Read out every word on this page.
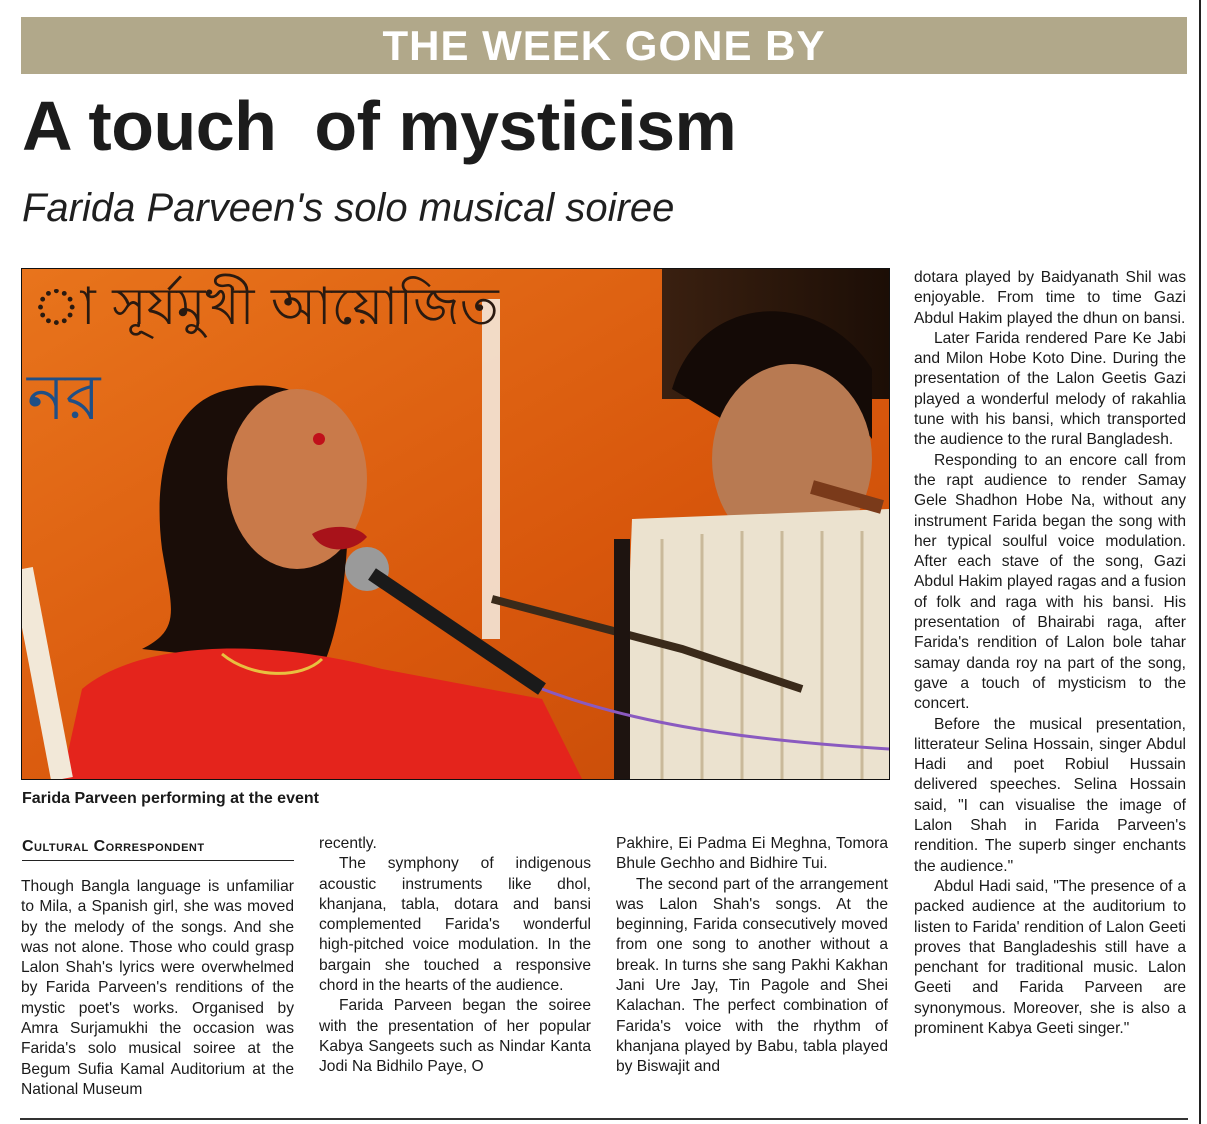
THE WEEK GONE BY
A touch  of mysticism
Farida Parveen's solo musical soiree
া সূর্যমুখী আয়োজিত
নর
Farida Parveen performing at the event
Cultural Correspondent

Though Bangla language is unfamiliar to Mila, a Spanish girl, she was moved by the melody of the songs. And she was not alone. Those who could grasp Lalon Shah's lyrics were overwhelmed by Farida Parveen's renditions of the mystic poet's works. Organised by Amra Surjamukhi the occasion was Farida's solo musical soiree at the Begum Sufia Kamal Auditorium at the National Museum

recently.

The symphony of indigenous acoustic instruments like dhol, khanjana, tabla, dotara and bansi complemented Farida's wonderful high-pitched voice modulation. In the bargain she touched a responsive chord in the hearts of the audience.

Farida Parveen began the soiree with the presentation of her popular Kabya Sangeets such as Nindar Kanta Jodi Na Bidhilo Paye, O

Pakhire, Ei Padma Ei Meghna, Tomora Bhule Gechho and Bidhire Tui.

The second part of the arrangement was Lalon Shah's songs. At the beginning, Farida consecutively moved from one song to another without a break. In turns she sang Pakhi Kakhan Jani Ure Jay, Tin Pagole and Shei Kalachan. The perfect combination of Farida's voice with the rhythm of khanjana played by Babu, tabla played by Biswajit and

dotara played by Baidyanath Shil was enjoyable. From time to time Gazi Abdul Hakim played the dhun on bansi.

Later Farida rendered Pare Ke Jabi and Milon Hobe Koto Dine. During the presentation of the Lalon Geetis Gazi played a wonderful melody of rakahlia tune with his bansi, which transported the audience to the rural Bangladesh.

Responding to an encore call from the rapt audience to render Samay Gele Shadhon Hobe Na, without any instrument Farida began the song with her typical soulful voice modulation. After each stave of the song, Gazi Abdul Hakim played ragas and a fusion of folk and raga with his bansi. His presentation of Bhairabi raga, after Farida's rendition of Lalon bole tahar samay danda roy na part of the song, gave a touch of mysticism to the concert.

Before the musical presentation, litterateur Selina Hossain, singer Abdul Hadi and poet Robiul Hussain delivered speeches. Selina Hossain said, "I can visualise the image of Lalon Shah in Farida Parveen's rendition. The superb singer enchants the audience."

Abdul Hadi said, "The presence of a packed audience at the auditorium to listen to Farida' rendition of Lalon Geeti proves that Bangladeshis still have a penchant for traditional music. Lalon Geeti and Farida Parveen are synonymous. Moreover, she is also a prominent Kabya Geeti singer."
